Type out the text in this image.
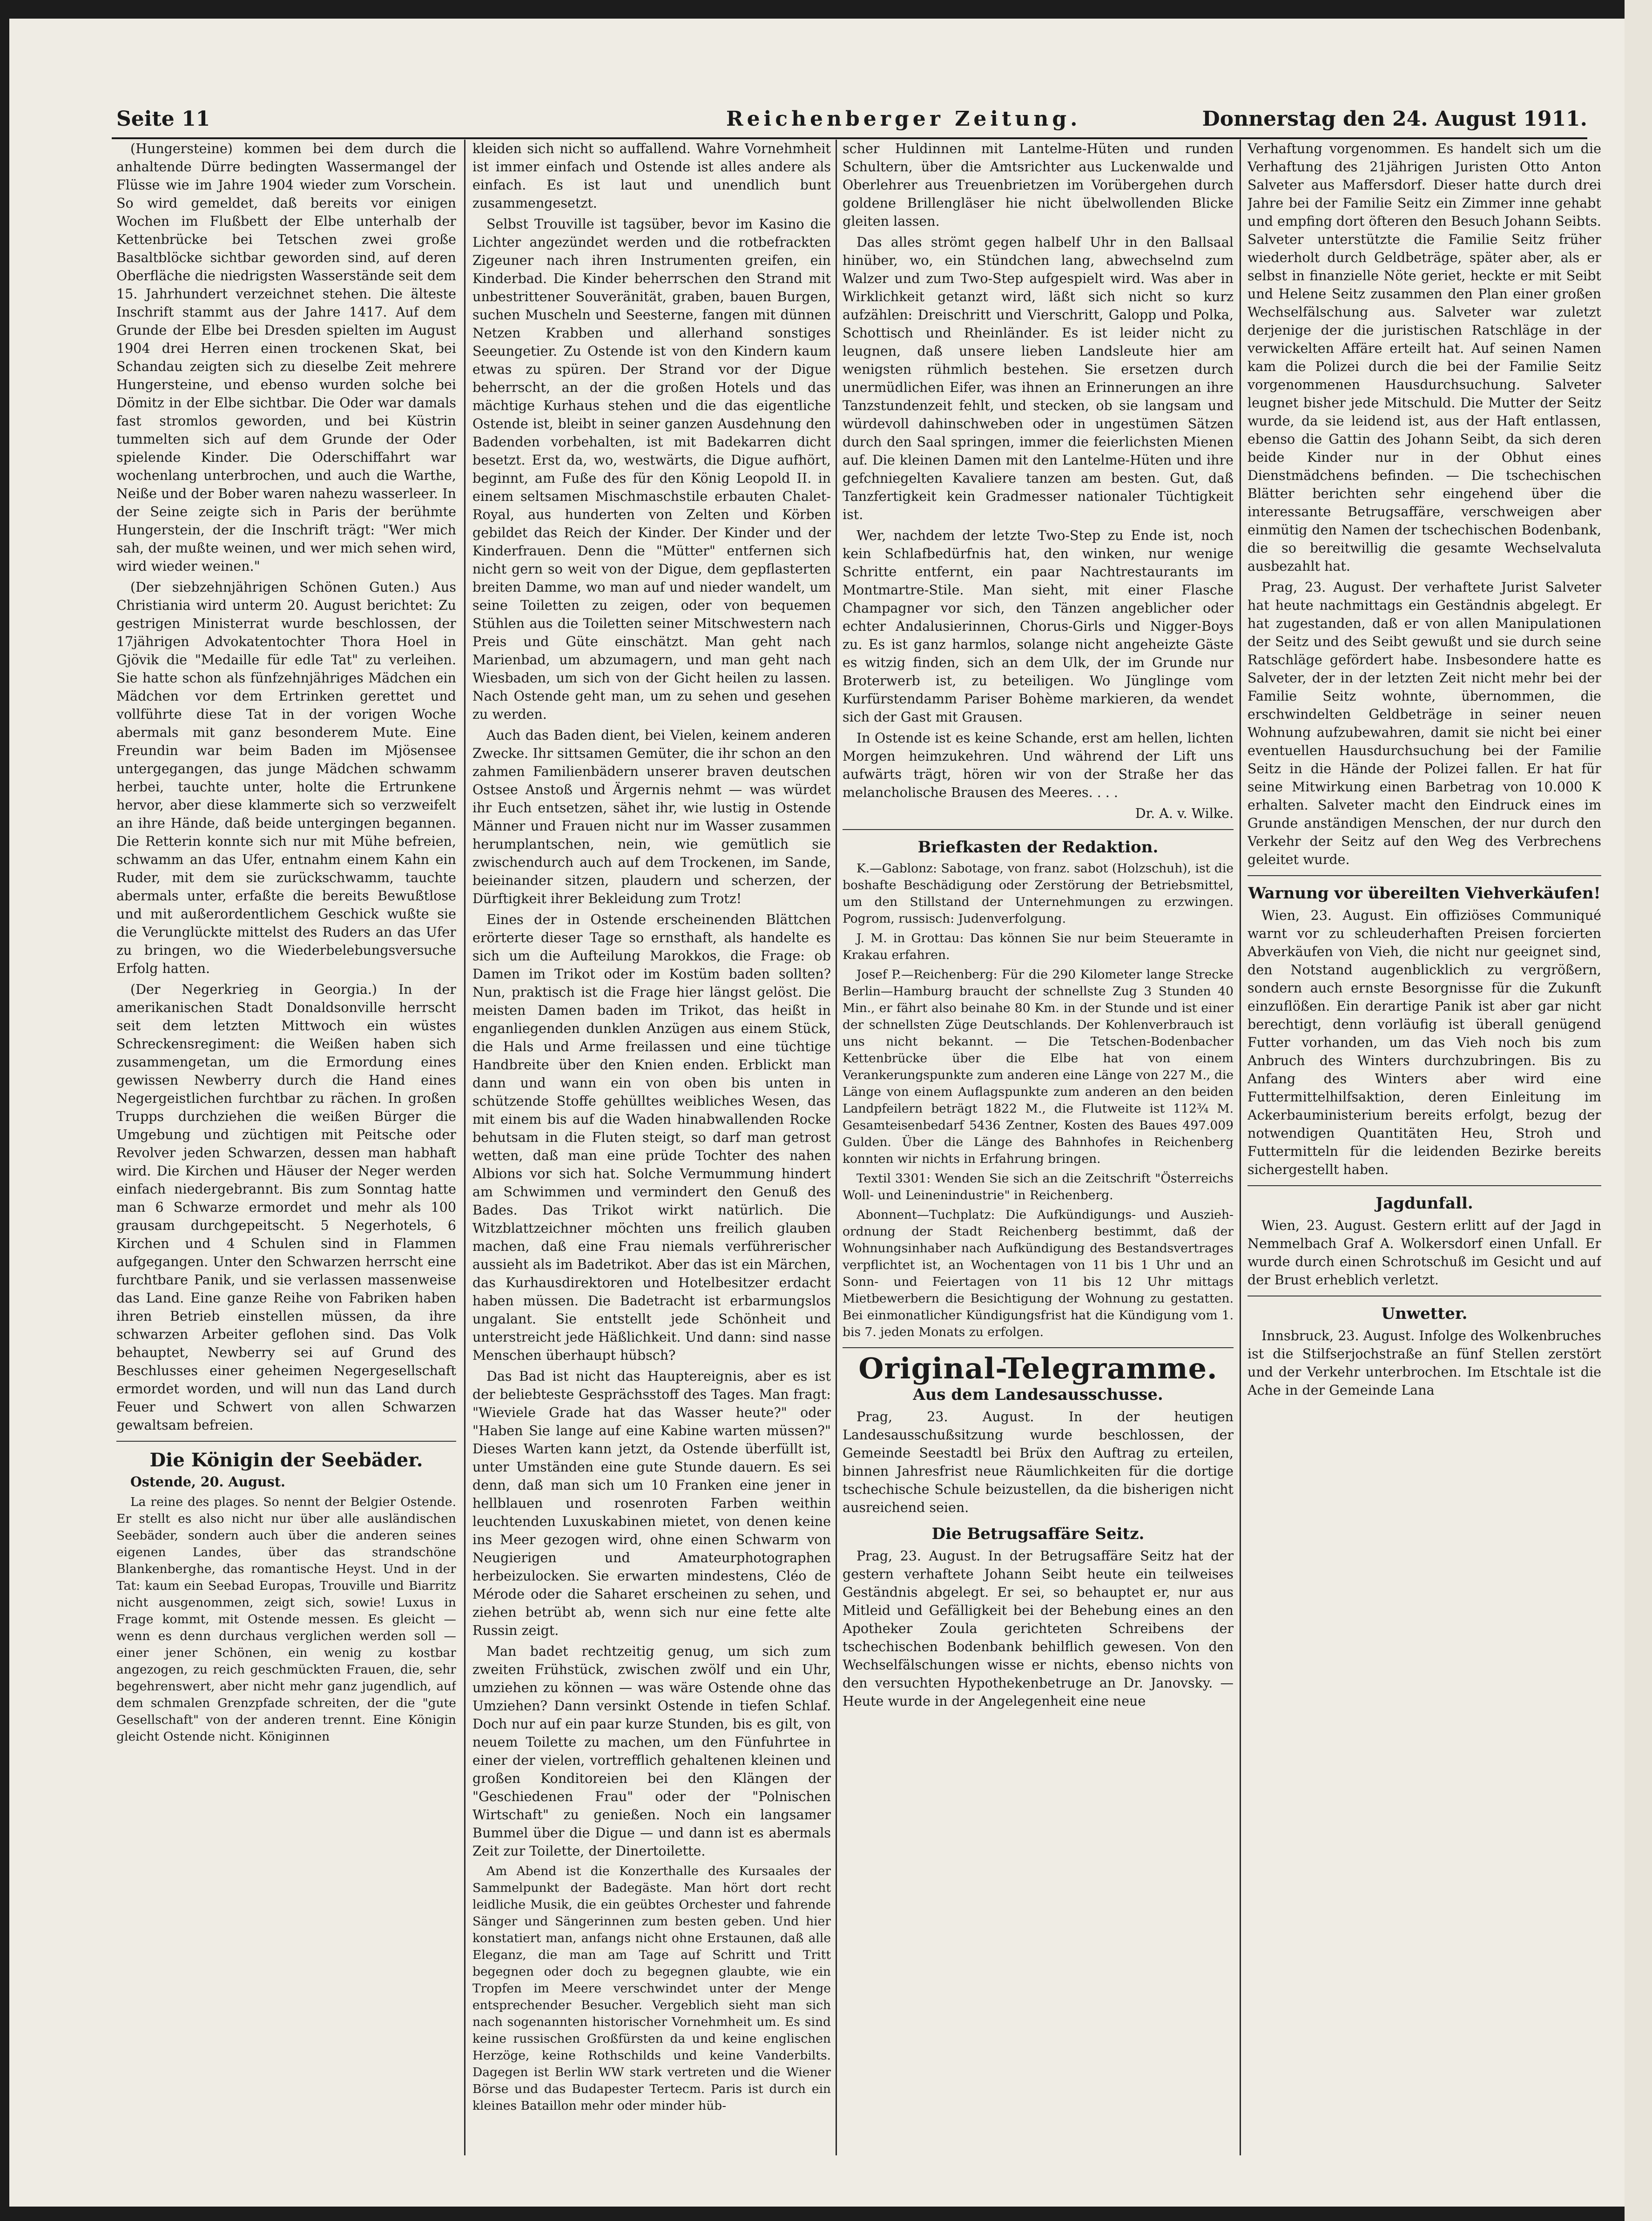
Seite 11	Reichenberger Zeitung.	Donnerstag den 24. August 1911.

(Hungersteine) kommen bei dem durch die anhaltende Dürre bedingten Wassermangel der Flüsse wie im Jahre 1904 wieder zum Vorschein. So wird gemeldet, daß bereits vor einigen Wochen im Flußbett der Elbe unterhalb der Kettenbrücke bei Tetschen zwei große Basaltblöcke sichtbar geworden sind, auf deren Oberfläche die niedrigsten Wasserstände seit dem 15. Jahrhundert verzeichnet stehen. Die älteste Inschrift stammt aus der Jahre 1417. Auf dem Grunde der Elbe bei Dresden spielten im August 1904 drei Herren einen trockenen Skat, bei Schandau zeigten sich zu dieselbe Zeit mehrere Hungersteine, und ebenso wurden solche bei Dömitz in der Elbe sichtbar. Die Oder war damals fast stromlos geworden, und bei Küstrin tummelten sich auf dem Grunde der Oder spielende Kinder. Die Oderschiffahrt war wochenlang unterbrochen, und auch die Warthe, Neiße und der Bober waren nahezu wasserleer. In der Seine zeigte sich in Paris der berühmte Hungerstein, der die Inschrift trägt: "Wer mich sah, der mußte weinen, und wer mich sehen wird, wird wieder weinen."

(Der siebzehnjährigen Schönen Guten.) Aus Christiania wird unterm 20. August berichtet: Zu gestrigen Ministerrat wurde beschlossen, der 17jährigen Advokatentochter Thora Hoel in Gjövik die "Medaille für edle Tat" zu verleihen. Sie hatte schon als fünfzehnjähriges Mädchen ein Mädchen vor dem Ertrinken gerettet und vollführte diese Tat in der vorigen Woche abermals mit ganz besonderem Mute. Eine Freundin war beim Baden im Mjösensee untergegangen, das junge Mädchen schwamm herbei, tauchte unter, holte die Ertrunkene hervor, aber diese klammerte sich so verzweifelt an ihre Hände, daß beide untergingen begannen. Die Retterin konnte sich nur mit Mühe befreien, schwamm an das Ufer, entnahm einem Kahn ein Ruder, mit dem sie zurückschwamm, tauchte abermals unter, erfaßte die bereits Bewußtlose und mit außerordentlichem Geschick wußte sie die Verunglückte mittelst des Ruders an das Ufer zu bringen, wo die Wiederbelebungsversuche Erfolg hatten.

(Der Negerkrieg in Georgia.) In der amerikanischen Stadt Donaldsonville herrscht seit dem letzten Mittwoch ein wüstes Schreckensregiment: die Weißen haben sich zusammengetan, um die Ermordung eines gewissen Newberry durch die Hand eines Negergeistlichen furchtbar zu rächen. In großen Trupps durchziehen die weißen Bürger die Umgebung und züchtigen mit Peitsche oder Revolver jeden Schwarzen, dessen man habhaft wird. Die Kirchen und Häuser der Neger werden einfach niedergebrannt. Bis zum Sonntag hatte man 6 Schwarze ermordet und mehr als 100 grausam durchgepeitscht. 5 Negerhotels, 6 Kirchen und 4 Schulen sind in Flammen aufgegangen. Unter den Schwarzen herrscht eine furchtbare Panik, und sie verlassen massenweise das Land. Eine ganze Reihe von Fabriken haben ihren Betrieb einstellen müssen, da ihre schwarzen Arbeiter geflohen sind. Das Volk behauptet, Newberry sei auf Grund des Beschlusses einer geheimen Negergesellschaft ermordet worden, und will nun das Land durch Feuer und Schwert von allen Schwarzen gewaltsam befreien.

Die Königin der Seebäder.

Ostende, 20. August.

La reine des plages. So nennt der Belgier Ostende. Er stellt es also nicht nur über alle ausländischen Seebäder, sondern auch über die anderen seines eigenen Landes, über das strandschöne Blankenberghe, das romantische Heyst. Und in der Tat: kaum ein Seebad Europas, Trouville und Biarritz nicht ausgenommen, zeigt sich, sowie! Luxus in Frage kommt, mit Ostende messen. Es gleicht — wenn es denn durchaus verglichen werden soll — einer jener Schönen, ein wenig zu kostbar angezogen, zu reich geschmückten Frauen, die, sehr begehrenswert, aber nicht mehr ganz jugendlich, auf dem schmalen Grenzpfade schreiten, der die "gute Gesellschaft" von der anderen trennt. Eine Königin gleicht Ostende nicht. Königinnen

kleiden sich nicht so auffallend. Wahre Vornehmheit ist immer einfach und Ostende ist alles andere als einfach. Es ist laut und unendlich bunt zusammengesetzt.

Selbst Trouville ist tagsüber, bevor im Kasino die Lichter angezündet werden und die rotbefrackten Zigeuner nach ihren Instrumenten greifen, ein Kinderbad. Die Kinder beherrschen den Strand mit unbestrittener Souveränität, graben, bauen Burgen, suchen Muscheln und Seesterne, fangen mit dünnen Netzen Krabben und allerhand sonstiges Seeungetier. Zu Ostende ist von den Kindern kaum etwas zu spüren. Der Strand vor der Digue beherrscht, an der die großen Hotels und das mächtige Kurhaus stehen und die das eigentliche Ostende ist, bleibt in seiner ganzen Ausdehnung den Badenden vorbehalten, ist mit Badekarren dicht besetzt. Erst da, wo, westwärts, die Digue aufhört, beginnt, am Fuße des für den König Leopold II. in einem seltsamen Mischmaschstile erbauten Chalet-Royal, aus hunderten von Zelten und Körben gebildet das Reich der Kinder. Der Kinder und der Kinderfrauen. Denn die "Mütter" entfernen sich nicht gern so weit von der Digue, dem gepflasterten breiten Damme, wo man auf und nieder wandelt, um seine Toiletten zu zeigen, oder von bequemen Stühlen aus die Toiletten seiner Mitschwestern nach Preis und Güte einschätzt. Man geht nach Marienbad, um abzumagern, und man geht nach Wiesbaden, um sich von der Gicht heilen zu lassen. Nach Ostende geht man, um zu sehen und gesehen zu werden.

Auch das Baden dient, bei Vielen, keinem anderen Zwecke. Ihr sittsamen Gemüter, die ihr schon an den zahmen Familienbädern unserer braven deutschen Ostsee Anstoß und Ärgernis nehmt — was würdet ihr Euch entsetzen, sähet ihr, wie lustig in Ostende Männer und Frauen nicht nur im Wasser zusammen herumplantschen, nein, wie gemütlich sie zwischendurch auch auf dem Trockenen, im Sande, beieinander sitzen, plaudern und scherzen, der Dürftigkeit ihrer Bekleidung zum Trotz!

Eines der in Ostende erscheinenden Blättchen erörterte dieser Tage so ernsthaft, als handelte es sich um die Aufteilung Marokkos, die Frage: ob Damen im Trikot oder im Kostüm baden sollten? Nun, praktisch ist die Frage hier längst gelöst. Die meisten Damen baden im Trikot, das heißt in enganliegenden dunklen Anzügen aus einem Stück, die Hals und Arme freilassen und eine tüchtige Handbreite über den Knien enden. Erblickt man dann und wann ein von oben bis unten in schützende Stoffe gehülltes weibliches Wesen, das mit einem bis auf die Waden hinabwallenden Rocke behutsam in die Fluten steigt, so darf man getrost wetten, daß man eine prüde Tochter des nahen Albions vor sich hat. Solche Vermummung hindert am Schwimmen und vermindert den Genuß des Bades. Das Trikot wirkt natürlich. Die Witzblattzeichner möchten uns freilich glauben machen, daß eine Frau niemals verführerischer aussieht als im Badetrikot. Aber das ist ein Märchen, das Kurhausdirektoren und Hotelbesitzer erdacht haben müssen. Die Badetracht ist erbarmungslos ungalant. Sie entstellt jede Schönheit und unterstreicht jede Häßlichkeit. Und dann: sind nasse Menschen überhaupt hübsch?

Das Bad ist nicht das Hauptereignis, aber es ist der beliebteste Gesprächsstoff des Tages. Man fragt: "Wieviele Grade hat das Wasser heute?" oder "Haben Sie lange auf eine Kabine warten müssen?" Dieses Warten kann jetzt, da Ostende überfüllt ist, unter Umständen eine gute Stunde dauern. Es sei denn, daß man sich um 10 Franken eine jener in hellblauen und rosenroten Farben weithin leuchtenden Luxuskabinen mietet, von denen keine ins Meer gezogen wird, ohne einen Schwarm von Neugierigen und Amateurphotographen herbeizulocken. Sie erwarten mindestens, Cléo de Mérode oder die Saharet erscheinen zu sehen, und ziehen betrübt ab, wenn sich nur eine fette alte Russin zeigt.

Man badet rechtzeitig genug, um sich zum zweiten Frühstück, zwischen zwölf und ein Uhr, umziehen zu können — was wäre Ostende ohne das Umziehen? Dann versinkt Ostende in tiefen Schlaf. Doch nur auf ein paar kurze Stunden, bis es gilt, von neuem Toilette zu machen, um den Fünfuhrtee in einer der vielen, vortrefflich gehaltenen kleinen und großen Konditoreien bei den Klängen der "Geschiedenen Frau" oder der "Polnischen Wirtschaft" zu genießen. Noch ein langsamer Bummel über die Digue — und dann ist es abermals Zeit zur Toilette, der Dinertoilette.

Am Abend ist die Konzerthalle des Kursaales der Sammelpunkt der Badegäste. Man hört dort recht leidliche Musik, die ein geübtes Orchester und fahrende Sänger und Sängerinnen zum besten geben. Und hier konstatiert man, anfangs nicht ohne Erstaunen, daß alle Eleganz, die man am Tage auf Schritt und Tritt begegnen oder doch zu begegnen glaubte, wie ein Tropfen im Meere verschwindet unter der Menge entsprechender Besucher. Vergeblich sieht man sich nach sogenannten historischer Vornehmheit um. Es sind keine russischen Großfürsten da und keine englischen Herzöge, keine Rothschilds und keine Vanderbilts. Dagegen ist Berlin WW stark vertreten und die Wiener Börse und das Budapester Tertecm. Paris ist durch ein kleines Bataillon mehr oder minder hüb-

scher Huldinnen mit Lantelme-Hüten und runden Schultern, über die Amtsrichter aus Luckenwalde und Oberlehrer aus Treuenbrietzen im Vorübergehen durch goldene Brillengläser hie nicht übelwollenden Blicke gleiten lassen.

Das alles strömt gegen halbelf Uhr in den Ballsaal hinüber, wo, ein Stündchen lang, abwechselnd zum Walzer und zum Two-Step aufgespielt wird. Was aber in Wirklichkeit getanzt wird, läßt sich nicht so kurz aufzählen: Dreischritt und Vierschritt, Galopp und Polka, Schottisch und Rheinländer. Es ist leider nicht zu leugnen, daß unsere lieben Landsleute hier am wenigsten rühmlich bestehen. Sie ersetzen durch unermüdlichen Eifer, was ihnen an Erinnerungen an ihre Tanzstundenzeit fehlt, und stecken, ob sie langsam und würdevoll dahinschweben oder in ungestümen Sätzen durch den Saal springen, immer die feierlichsten Mienen auf. Die kleinen Damen mit den Lantelme-Hüten und ihre gefchniegelten Kavaliere tanzen am besten. Gut, daß Tanzfertigkeit kein Gradmesser nationaler Tüchtigkeit ist.

Wer, nachdem der letzte Two-Step zu Ende ist, noch kein Schlafbedürfnis hat, den winken, nur wenige Schritte entfernt, ein paar Nachtrestaurants im Montmartre-Stile. Man sieht, mit einer Flasche Champagner vor sich, den Tänzen angeblicher oder echter Andalusierinnen, Chorus-Girls und Nigger-Boys zu. Es ist ganz harmlos, solange nicht angeheizte Gäste es witzig finden, sich an dem Ulk, der im Grunde nur Broterwerb ist, zu beteiligen. Wo Jünglinge vom Kurfürstendamm Pariser Bohème markieren, da wendet sich der Gast mit Grausen.

In Ostende ist es keine Schande, erst am hellen, lichten Morgen heimzukehren. Und während der Lift uns aufwärts trägt, hören wir von der Straße her das melancholische Brausen des Meeres. . . .

Dr. A. v. Wilke.

Briefkasten der Redaktion.

K.—Gablonz: Sabotage, von franz. sabot (Holzschuh), ist die boshafte Beschädigung oder Zerstörung der Betriebsmittel, um den Stillstand der Unternehmungen zu erzwingen. Pogrom, russisch: Judenverfolgung.

J. M. in Grottau: Das können Sie nur beim Steueramte in Krakau erfahren.

Josef P.—Reichenberg: Für die 290 Kilometer lange Strecke Berlin—Hamburg braucht der schnellste Zug 3 Stunden 40 Min., er fährt also beinahe 80 Km. in der Stunde und ist einer der schnellsten Züge Deutschlands. Der Kohlenverbrauch ist uns nicht bekannt. — Die Tetschen-Bodenbacher Kettenbrücke über die Elbe hat von einem Verankerungspunkte zum anderen eine Länge von 227 M., die Länge von einem Auflagspunkte zum anderen an den beiden Landpfeilern beträgt 1822 M., die Flutweite ist 112¾ M. Gesamteisenbedarf 5436 Zentner, Kosten des Baues 497.009 Gulden. Über die Länge des Bahnhofes in Reichenberg konnten wir nichts in Erfahrung bringen.

Textil 3301: Wenden Sie sich an die Zeitschrift "Österreichs Woll- und Leinenindustrie" in Reichenberg.

Abonnent—Tuchplatz: Die Aufkündigungs- und Auszieh-ordnung der Stadt Reichenberg bestimmt, daß der Wohnungsinhaber nach Aufkündigung des Bestandsvertrages verpflichtet ist, an Wochentagen von 11 bis 1 Uhr und an Sonn- und Feiertagen von 11 bis 12 Uhr mittags Mietbewerbern die Besichtigung der Wohnung zu gestatten. Bei einmonatlicher Kündigungsfrist hat die Kündigung vom 1. bis 7. jeden Monats zu erfolgen.

Original-Telegramme.
Aus dem Landesausschusse.

Prag, 23. August. In der heutigen Landesausschußsitzung wurde beschlossen, der Gemeinde Seestadtl bei Brüx den Auftrag zu erteilen, binnen Jahresfrist neue Räumlichkeiten für die dortige tschechische Schule beizustellen, da die bisherigen nicht ausreichend seien.

Die Betrugsaffäre Seitz.

Prag, 23. August. In der Betrugsaffäre Seitz hat der gestern verhaftete Johann Seibt heute ein teilweises Geständnis abgelegt. Er sei, so behauptet er, nur aus Mitleid und Gefälligkeit bei der Behebung eines an den Apotheker Zoula gerichteten Schreibens der tschechischen Bodenbank behilflich gewesen. Von den Wechselfälschungen wisse er nichts, ebenso nichts von den versuchten Hypothekenbetruge an Dr. Janovsky. — Heute wurde in der Angelegenheit eine neue

Verhaftung vorgenommen. Es handelt sich um die Verhaftung des 21jährigen Juristen Otto Anton Salveter aus Maffersdorf. Dieser hatte durch drei Jahre bei der Familie Seitz ein Zimmer inne gehabt und empfing dort öfteren den Besuch Johann Seibts. Salveter unterstützte die Familie Seitz früher wiederholt durch Geldbeträge, später aber, als er selbst in finanzielle Nöte geriet, heckte er mit Seibt und Helene Seitz zusammen den Plan einer großen Wechselfälschung aus. Salveter war zuletzt derjenige der die juristischen Ratschläge in der verwickelten Affäre erteilt hat. Auf seinen Namen kam die Polizei durch die bei der Familie Seitz vorgenommenen Hausdurchsuchung. Salveter leugnet bisher jede Mitschuld. Die Mutter der Seitz wurde, da sie leidend ist, aus der Haft entlassen, ebenso die Gattin des Johann Seibt, da sich deren beide Kinder nur in der Obhut eines Dienstmädchens befinden. — Die tschechischen Blätter berichten sehr eingehend über die interessante Betrugsaffäre, verschweigen aber einmütig den Namen der tschechischen Bodenbank, die so bereitwillig die gesamte Wechselvaluta ausbezahlt hat.

Prag, 23. August. Der verhaftete Jurist Salveter hat heute nachmittags ein Geständnis abgelegt. Er hat zugestanden, daß er von allen Manipulationen der Seitz und des Seibt gewußt und sie durch seine Ratschläge gefördert habe. Insbesondere hatte es Salveter, der in der letzten Zeit nicht mehr bei der Familie Seitz wohnte, übernommen, die erschwindelten Geldbeträge in seiner neuen Wohnung aufzubewahren, damit sie nicht bei einer eventuellen Hausdurchsuchung bei der Familie Seitz in die Hände der Polizei fallen. Er hat für seine Mitwirkung einen Barbetrag von 10.000 K erhalten. Salveter macht den Eindruck eines im Grunde anständigen Menschen, der nur durch den Verkehr der Seitz auf den Weg des Verbrechens geleitet wurde.

Warnung vor übereilten Viehverkäufen!

Wien, 23. August. Ein offiziöses Communiqué warnt vor zu schleuderhaften Preisen forcierten Abverkäufen von Vieh, die nicht nur geeignet sind, den Notstand augenblicklich zu vergrößern, sondern auch ernste Besorgnisse für die Zukunft einzuflößen. Ein derartige Panik ist aber gar nicht berechtigt, denn vorläufig ist überall genügend Futter vorhanden, um das Vieh noch bis zum Anbruch des Winters durchzubringen. Bis zu Anfang des Winters aber wird eine Futtermittelhilfsaktion, deren Einleitung im Ackerbauministerium bereits erfolgt, bezug der notwendigen Quantitäten Heu, Stroh und Futtermitteln für die leidenden Bezirke bereits sichergestellt haben.

Jagdunfall.

Wien, 23. August. Gestern erlitt auf der Jagd in Nemmelbach Graf A. Wolkersdorf einen Unfall. Er wurde durch einen Schrotschuß im Gesicht und auf der Brust erheblich verletzt.

Unwetter.

Innsbruck, 23. August. Infolge des Wolkenbruches ist die Stilfserjochstraße an fünf Stellen zerstört und der Verkehr unterbrochen. Im Etschtale ist die Ache in der Gemeinde Lana
